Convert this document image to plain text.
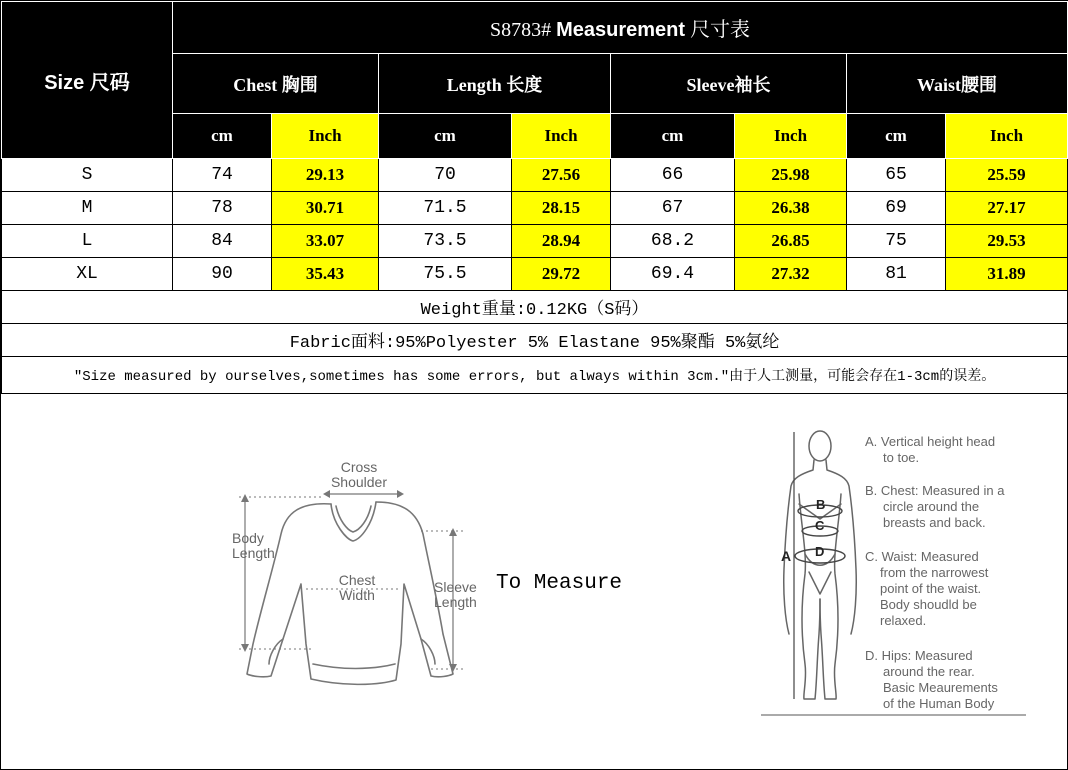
Size 尺码	S8783# Measurement 尺寸表							
	Chest 胸围		Length 长度		Sleeve袖长		Waist腰围	
	cm	Inch	cm	Inch	cm	Inch	cm	Inch
S	74	29.13	70	27.56	66	25.98	65	25.59
M	78	30.71	71.5	28.15	67	26.38	69	27.17
L	84	33.07	73.5	28.94	68.2	26.85	75	29.53
XL	90	35.43	75.5	29.72	69.4	27.32	81	31.89
Weight重量:0.12KG（S码）								
Fabric面料:95%Polyester 5% Elastane 95%聚酯 5%氨纶								
"Size measured by ourselves,sometimes has some errors, but always within 3cm."由于人工测量，可能会存在1-3cm的误差。								
A
B
C
D
Cross
Shoulder
Body
Length
Chest
Width	Sleeve
Length
To Measure
A. Vertical height head
to toe.
B. Chest: Measured in a
circle around the
breasts and back.
C. Waist: Measured
from the narrowest
point of the waist.
Body shoudld be
relaxed.
D. Hips: Measured
around the rear.
Basic Meaurements
of the Human Body
